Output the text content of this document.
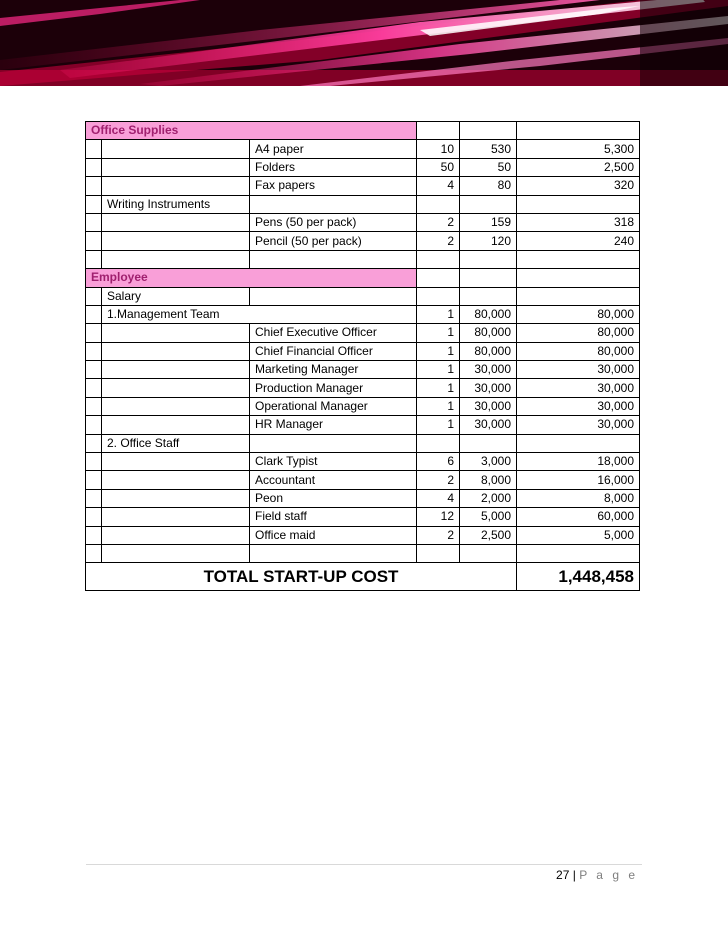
Office Supplies					
		A4 paper	10	530	5,300
		Folders	50	50	2,500
		Fax papers	4	80	320
	Writing Instruments				
		Pens (50 per pack)	2	159	318
		Pencil (50 per pack)	2	120	240

Employee					
	Salary				
	1.Management Team		1	80,000	80,000
		Chief Executive Officer	1	80,000	80,000
		Chief Financial Officer	1	80,000	80,000
		Marketing Manager	1	30,000	30,000
		Production Manager	1	30,000	30,000
		Operational Manager	1	30,000	30,000
		HR Manager	1	30,000	30,000
	2. Office Staff				
		Clark Typist	6	3,000	18,000
		Accountant	2	8,000	16,000
		Peon	4	2,000	8,000
		Field staff	12	5,000	60,000
		Office maid	2	2,500	5,000

TOTAL START-UP COST					1,448,458
27 | P a g e
